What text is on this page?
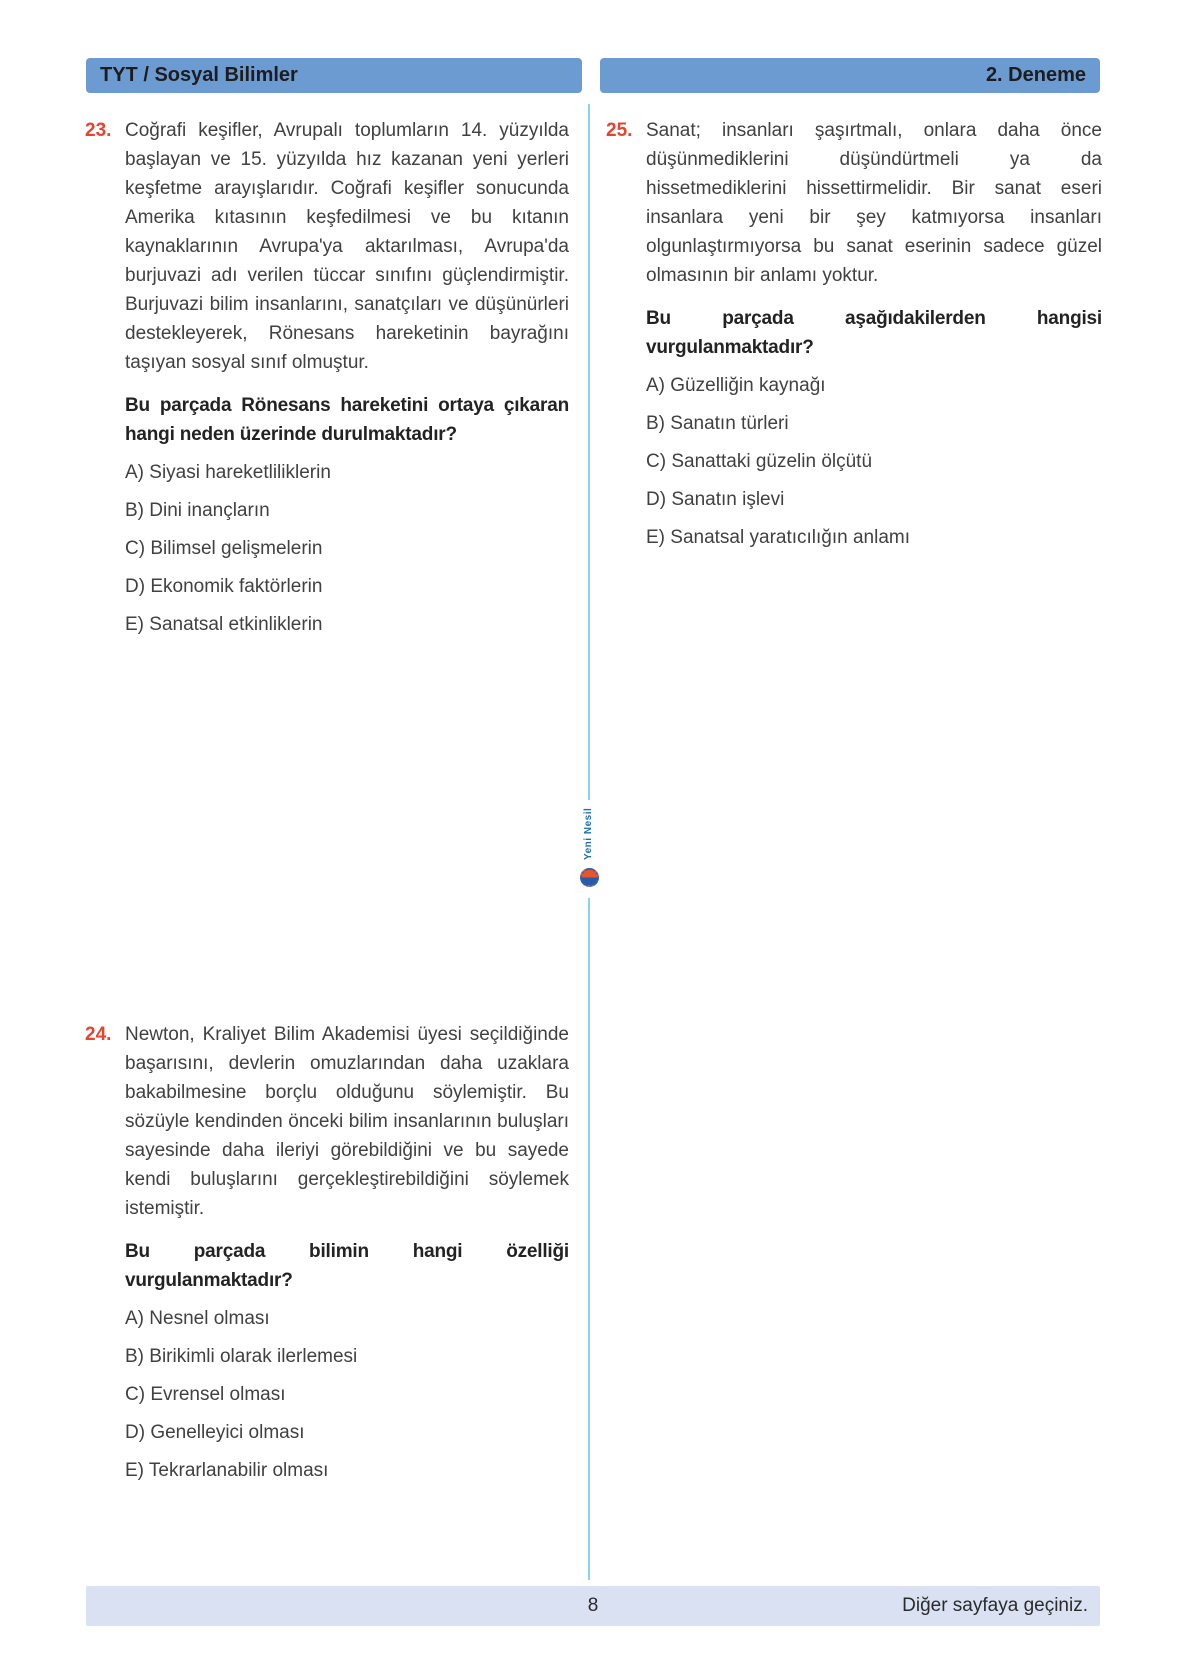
TYT / Sosyal Bilimler	2. Deneme
Yeni Nesil
23. Coğrafi keşifler, Avrupalı toplumların 14. yüzyılda başlayan ve 15. yüzyılda hız kazanan yeni yerleri keşfetme arayışlarıdır. Coğrafi keşifler sonucunda Amerika kıtasının keşfedilmesi ve bu kıtanın kaynaklarının Avrupa'ya aktarılması, Avrupa'da burjuvazi adı verilen tüccar sınıfını güçlendirmiştir. Burjuvazi bilim insanlarını, sanatçıları ve düşünürleri destekleyerek, Rönesans hareketinin bayrağını taşıyan sosyal sınıf olmuştur.

Bu parçada Rönesans hareketini ortaya çıkaran hangi neden üzerinde durulmaktadır?

A) Siyasi hareketliliklerin
B) Dini inançların
C) Bilimsel gelişmelerin
D) Ekonomik faktörlerin
E) Sanatsal etkinliklerin
24. Newton, Kraliyet Bilim Akademisi üyesi seçildiğinde başarısını, devlerin omuzlarından daha uzaklara bakabilmesine borçlu olduğunu söylemiştir. Bu sözüyle kendinden önceki bilim insanlarının buluşları sayesinde daha ileriyi görebildiğini ve bu sayede kendi buluşlarını gerçekleştirebildiğini söylemek istemiştir.

Bu parçada bilimin hangi özelliği vurgulanmaktadır?

A) Nesnel olması
B) Birikimli olarak ilerlemesi
C) Evrensel olması
D) Genelleyici olması
E) Tekrarlanabilir olması
25. Sanat; insanları şaşırtmalı, onlara daha önce düşünmediklerini düşündürtmeli ya da hissetmediklerini hissettirmelidir. Bir sanat eseri insanlara yeni bir şey katmıyorsa insanları olgunlaştırmıyorsa bu sanat eserinin sadece güzel olmasının bir anlamı yoktur.

Bu parçada aşağıdakilerden hangisi vurgulanmaktadır?

A) Güzelliğin kaynağı
B) Sanatın türleri
C) Sanattaki güzelin ölçütü
D) Sanatın işlevi
E) Sanatsal yaratıcılığın anlamı
8	Diğer sayfaya geçiniz.
